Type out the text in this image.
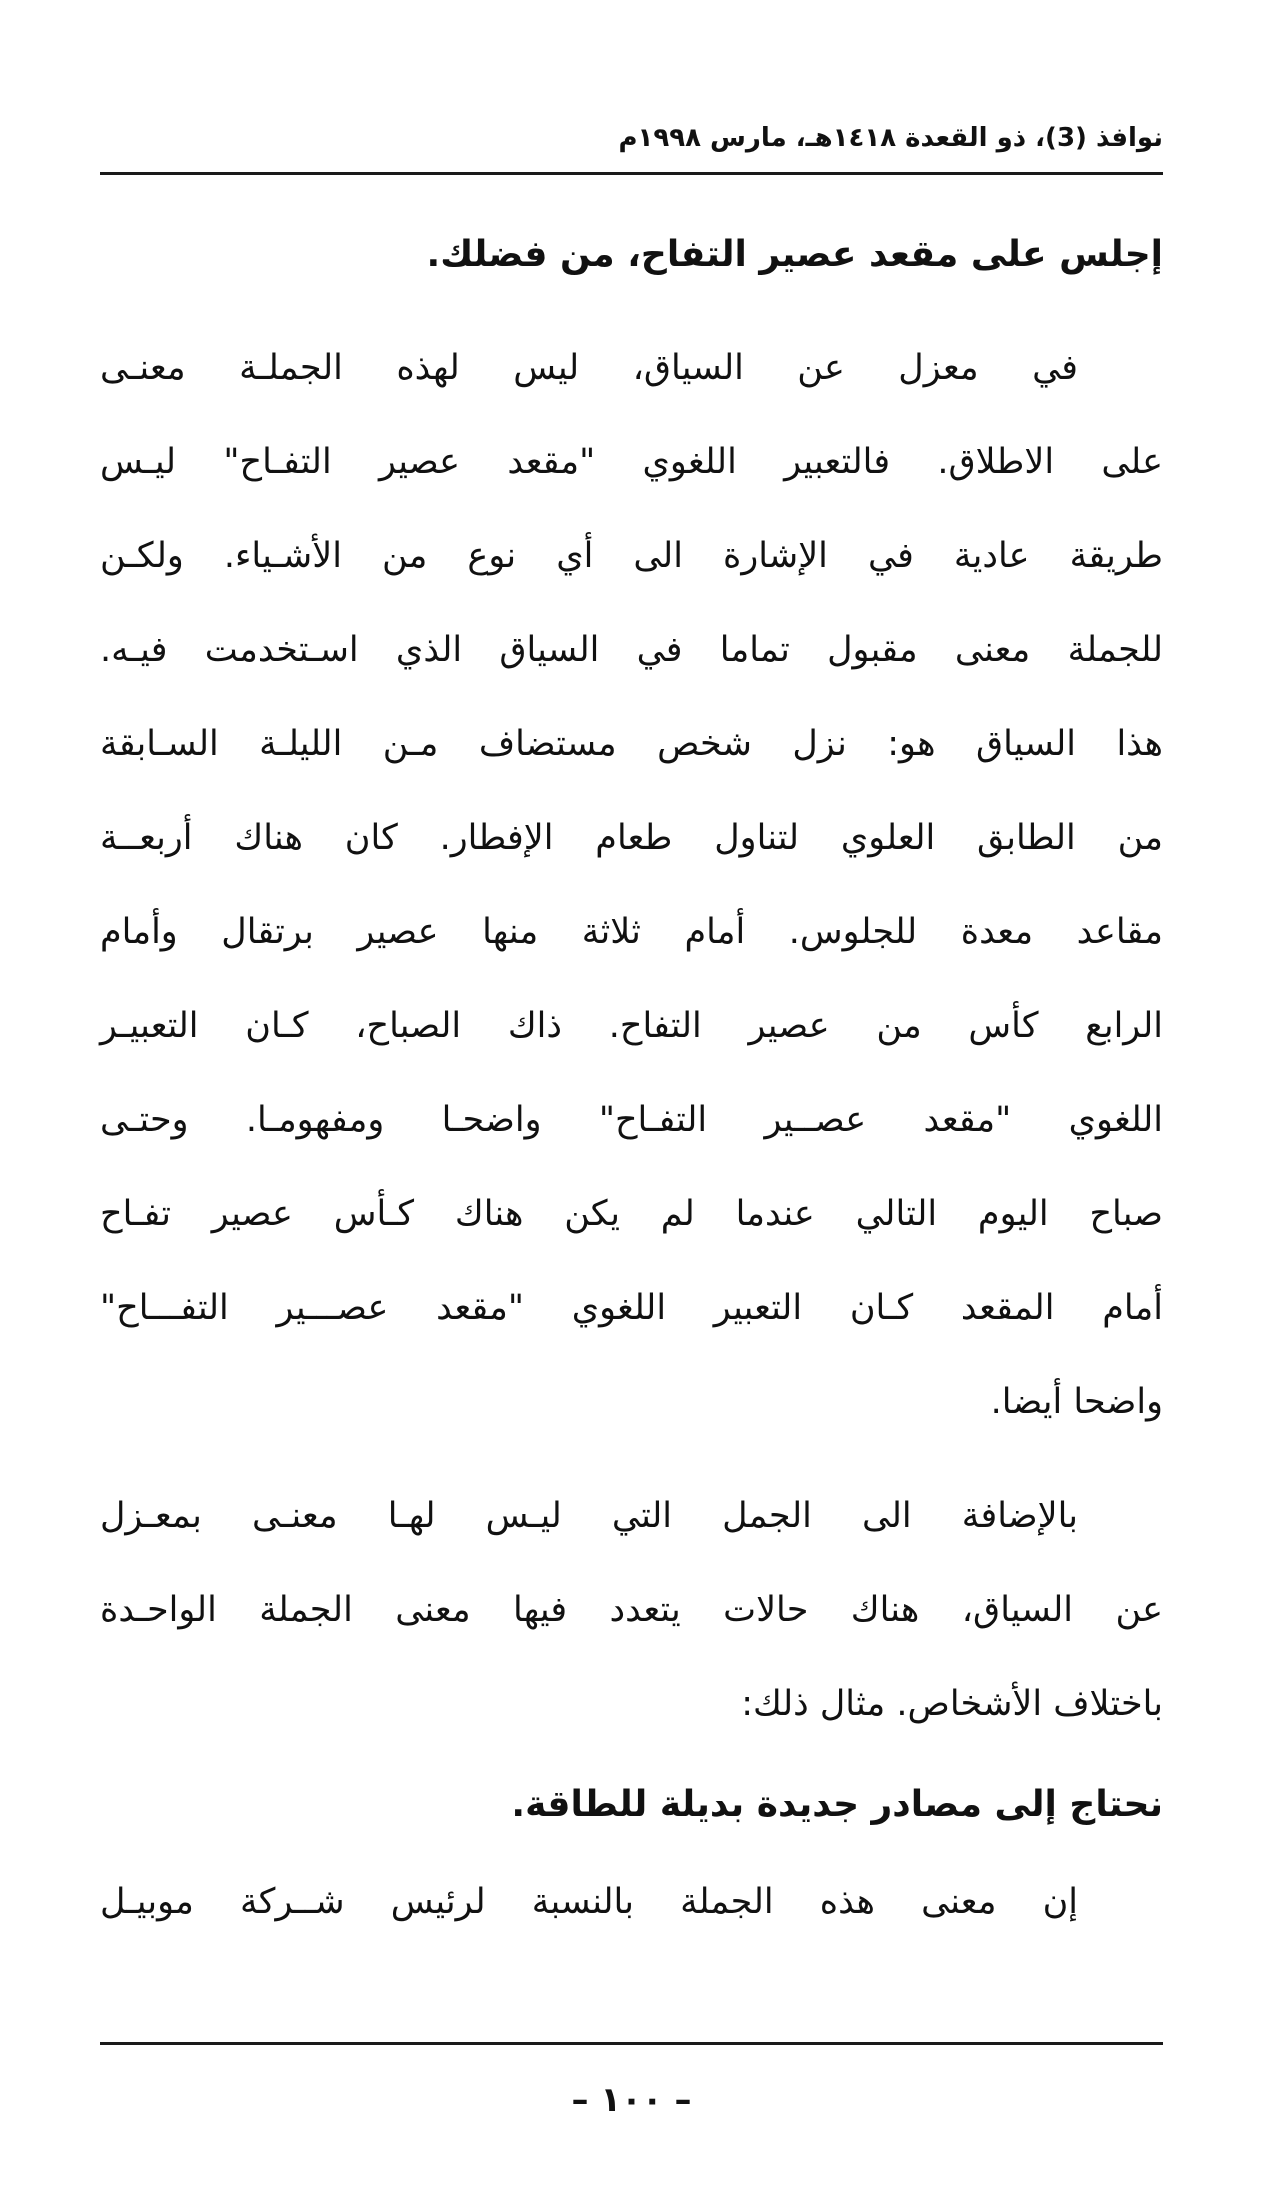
نوافذ (3)، ذو القعدة ١٤١٨هـ، مارس ١٩٩٨م

إجلس على مقعد عصير التفاح، من فضلك.

في معزل عن السياق، ليس لهذه الجملـة معنـى
على الاطلاق. فالتعبير اللغوي "مقعد عصير التفـاح" ليـس
طريقة عادية في الإشارة الى أي نوع من الأشـياء. ولكـن
للجملة معنى مقبول تماما في السياق الذي اسـتخدمت فيـه.
هذا السياق هو: نزل شخص مستضاف مـن الليلـة السـابقة
من الطابق العلوي لتناول طعام الإفطار. كان هناك أربعــة
مقاعد معدة للجلوس. أمام ثلاثة منها عصير برتقال وأمام
الرابع كأس من عصير التفاح. ذاك الصباح، كـان التعبيـر
اللغوي "مقعد عصــير التفـاح" واضحـا ومفهومـا. وحتـى
صباح اليوم التالي عندما لم يكن هناك كـأس عصير تفـاح
أمام المقعد كـان التعبير اللغوي "مقعد عصـــير التفـــاح"
واضحا أيضا.

بالإضافة الى الجمل التي ليـس لهـا معنـى بمعـزل
عن السياق، هناك حالات يتعدد فيها معنى الجملة الواحـدة
باختلاف الأشخاص. مثال ذلك:

نحتاج إلى مصادر جديدة بديلة للطاقة.

إن معنى هذه الجملة بالنسبة لرئيس شــركة موبيـل

– ١٠٠ –
